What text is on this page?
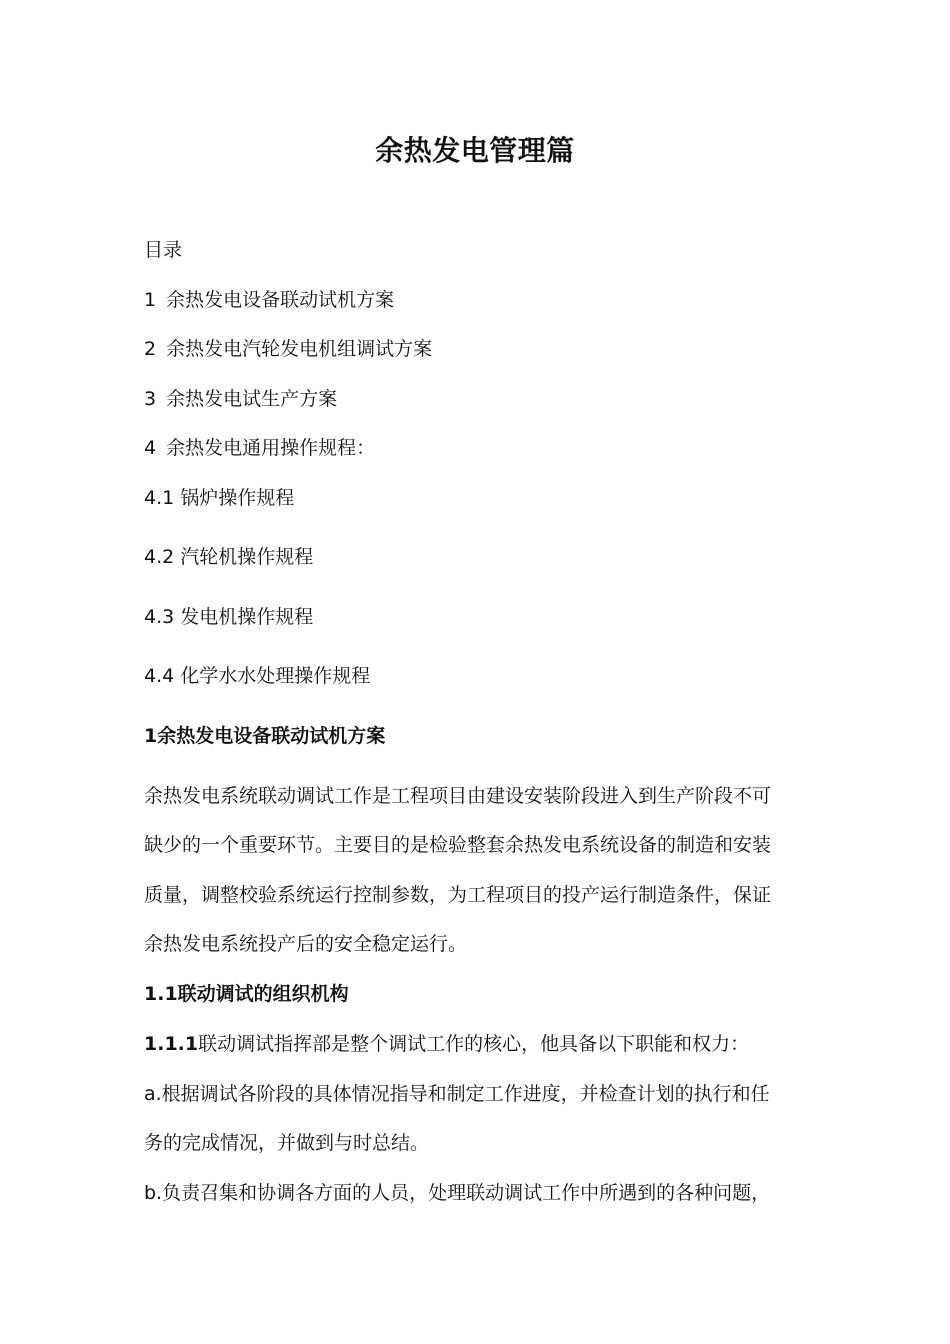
余热发电管理篇
目录
1 余热发电设备联动试机方案
2 余热发电汽轮发电机组调试方案
3 余热发电试生产方案
4 余热发电通用操作规程：
4.1 锅炉操作规程
4.2 汽轮机操作规程
4.3 发电机操作规程
4.4 化学水水处理操作规程
1余热发电设备联动试机方案
余热发电系统联动调试工作是工程项目由建设安装阶段进入到生产阶段不可
缺少的一个重要环节。主要目的是检验整套余热发电系统设备的制造和安装
质量，调整校验系统运行控制参数，为工程项目的投产运行制造条件，保证
余热发电系统投产后的安全稳定运行。
1.1联动调试的组织机构
1.1.1联动调试指挥部是整个调试工作的核心，他具备以下职能和权力：
a.根据调试各阶段的具体情况指导和制定工作进度，并检查计划的执行和任
务的完成情况，并做到与时总结。
b.负责召集和协调各方面的人员，处理联动调试工作中所遇到的各种问题，
